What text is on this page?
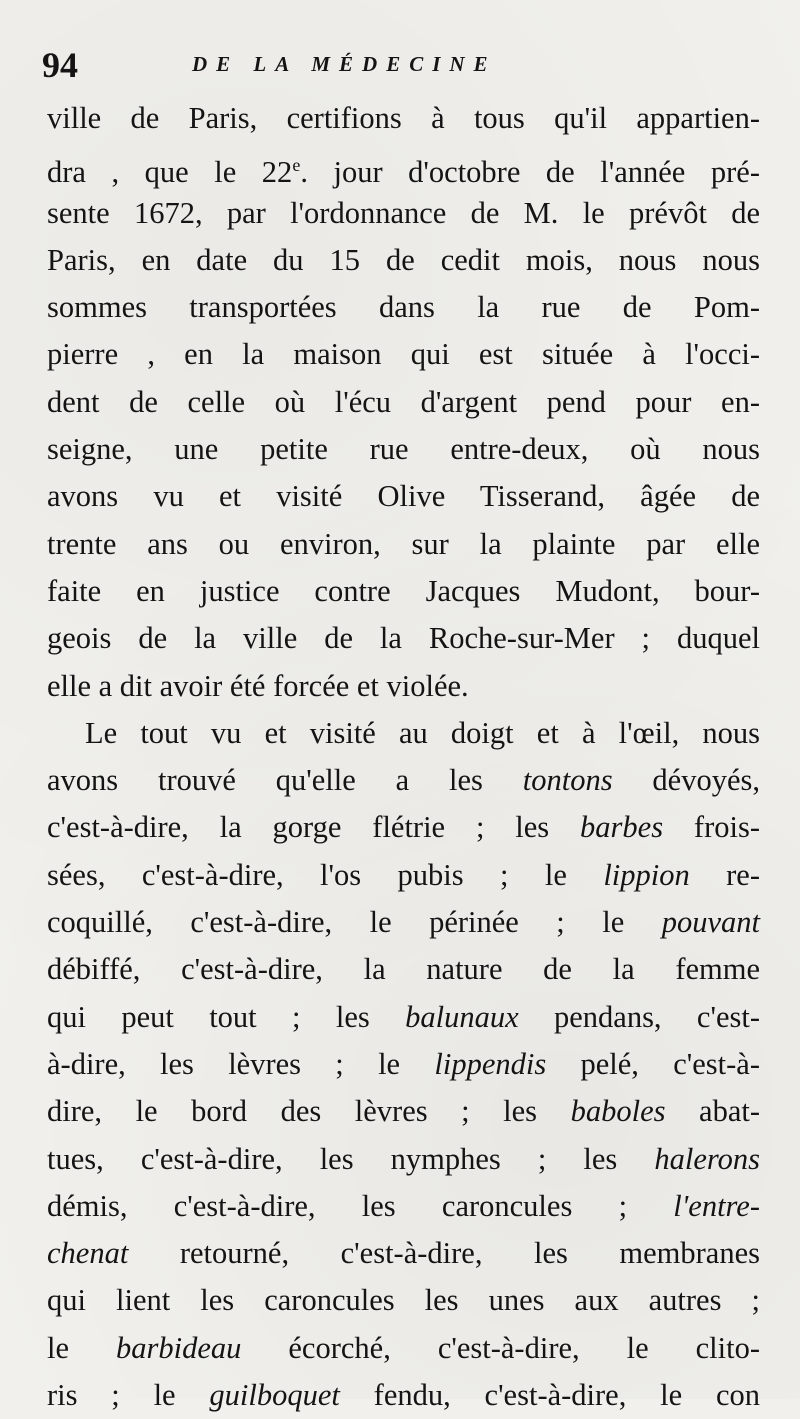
94	DE LA MÉDECINE
ville de Paris, certifions à tous qu'il appartien-
dra , que le 22e. jour d'octobre de l'année pré-
sente 1672, par l'ordonnance de M. le prévôt de
Paris, en date du 15 de cedit mois, nous nous
sommes transportées dans la rue de Pom-
pierre , en la maison qui est située à l'occi-
dent de celle où l'écu d'argent pend pour en-
seigne, une petite rue entre-deux, où nous
avons vu et visité Olive Tisserand, âgée de
trente ans ou environ, sur la plainte par elle
faite en justice contre Jacques Mudont, bour-
geois de la ville de la Roche-sur-Mer ; duquel
elle a dit avoir été forcée et violée.
Le tout vu et visité au doigt et à l'œil, nous
avons trouvé qu'elle a les tontons dévoyés,
c'est-à-dire, la gorge flétrie ; les barbes frois-
sées, c'est-à-dire, l'os pubis ; le lippion re-
coquillé, c'est-à-dire, le périnée ; le pouvant
débiffé, c'est-à-dire, la nature de la femme
qui peut tout ; les balunaux pendans, c'est-
à-dire, les lèvres ; le lippendis pelé, c'est-à-
dire, le bord des lèvres ; les baboles abat-
tues, c'est-à-dire, les nymphes ; les halerons
démis, c'est-à-dire, les caroncules ; l'entre-
chenat retourné, c'est-à-dire, les membranes
qui lient les caroncules les unes aux autres ;
le barbideau écorché, c'est-à-dire, le clito-
ris ; le guilboquet fendu, c'est-à-dire, le con
